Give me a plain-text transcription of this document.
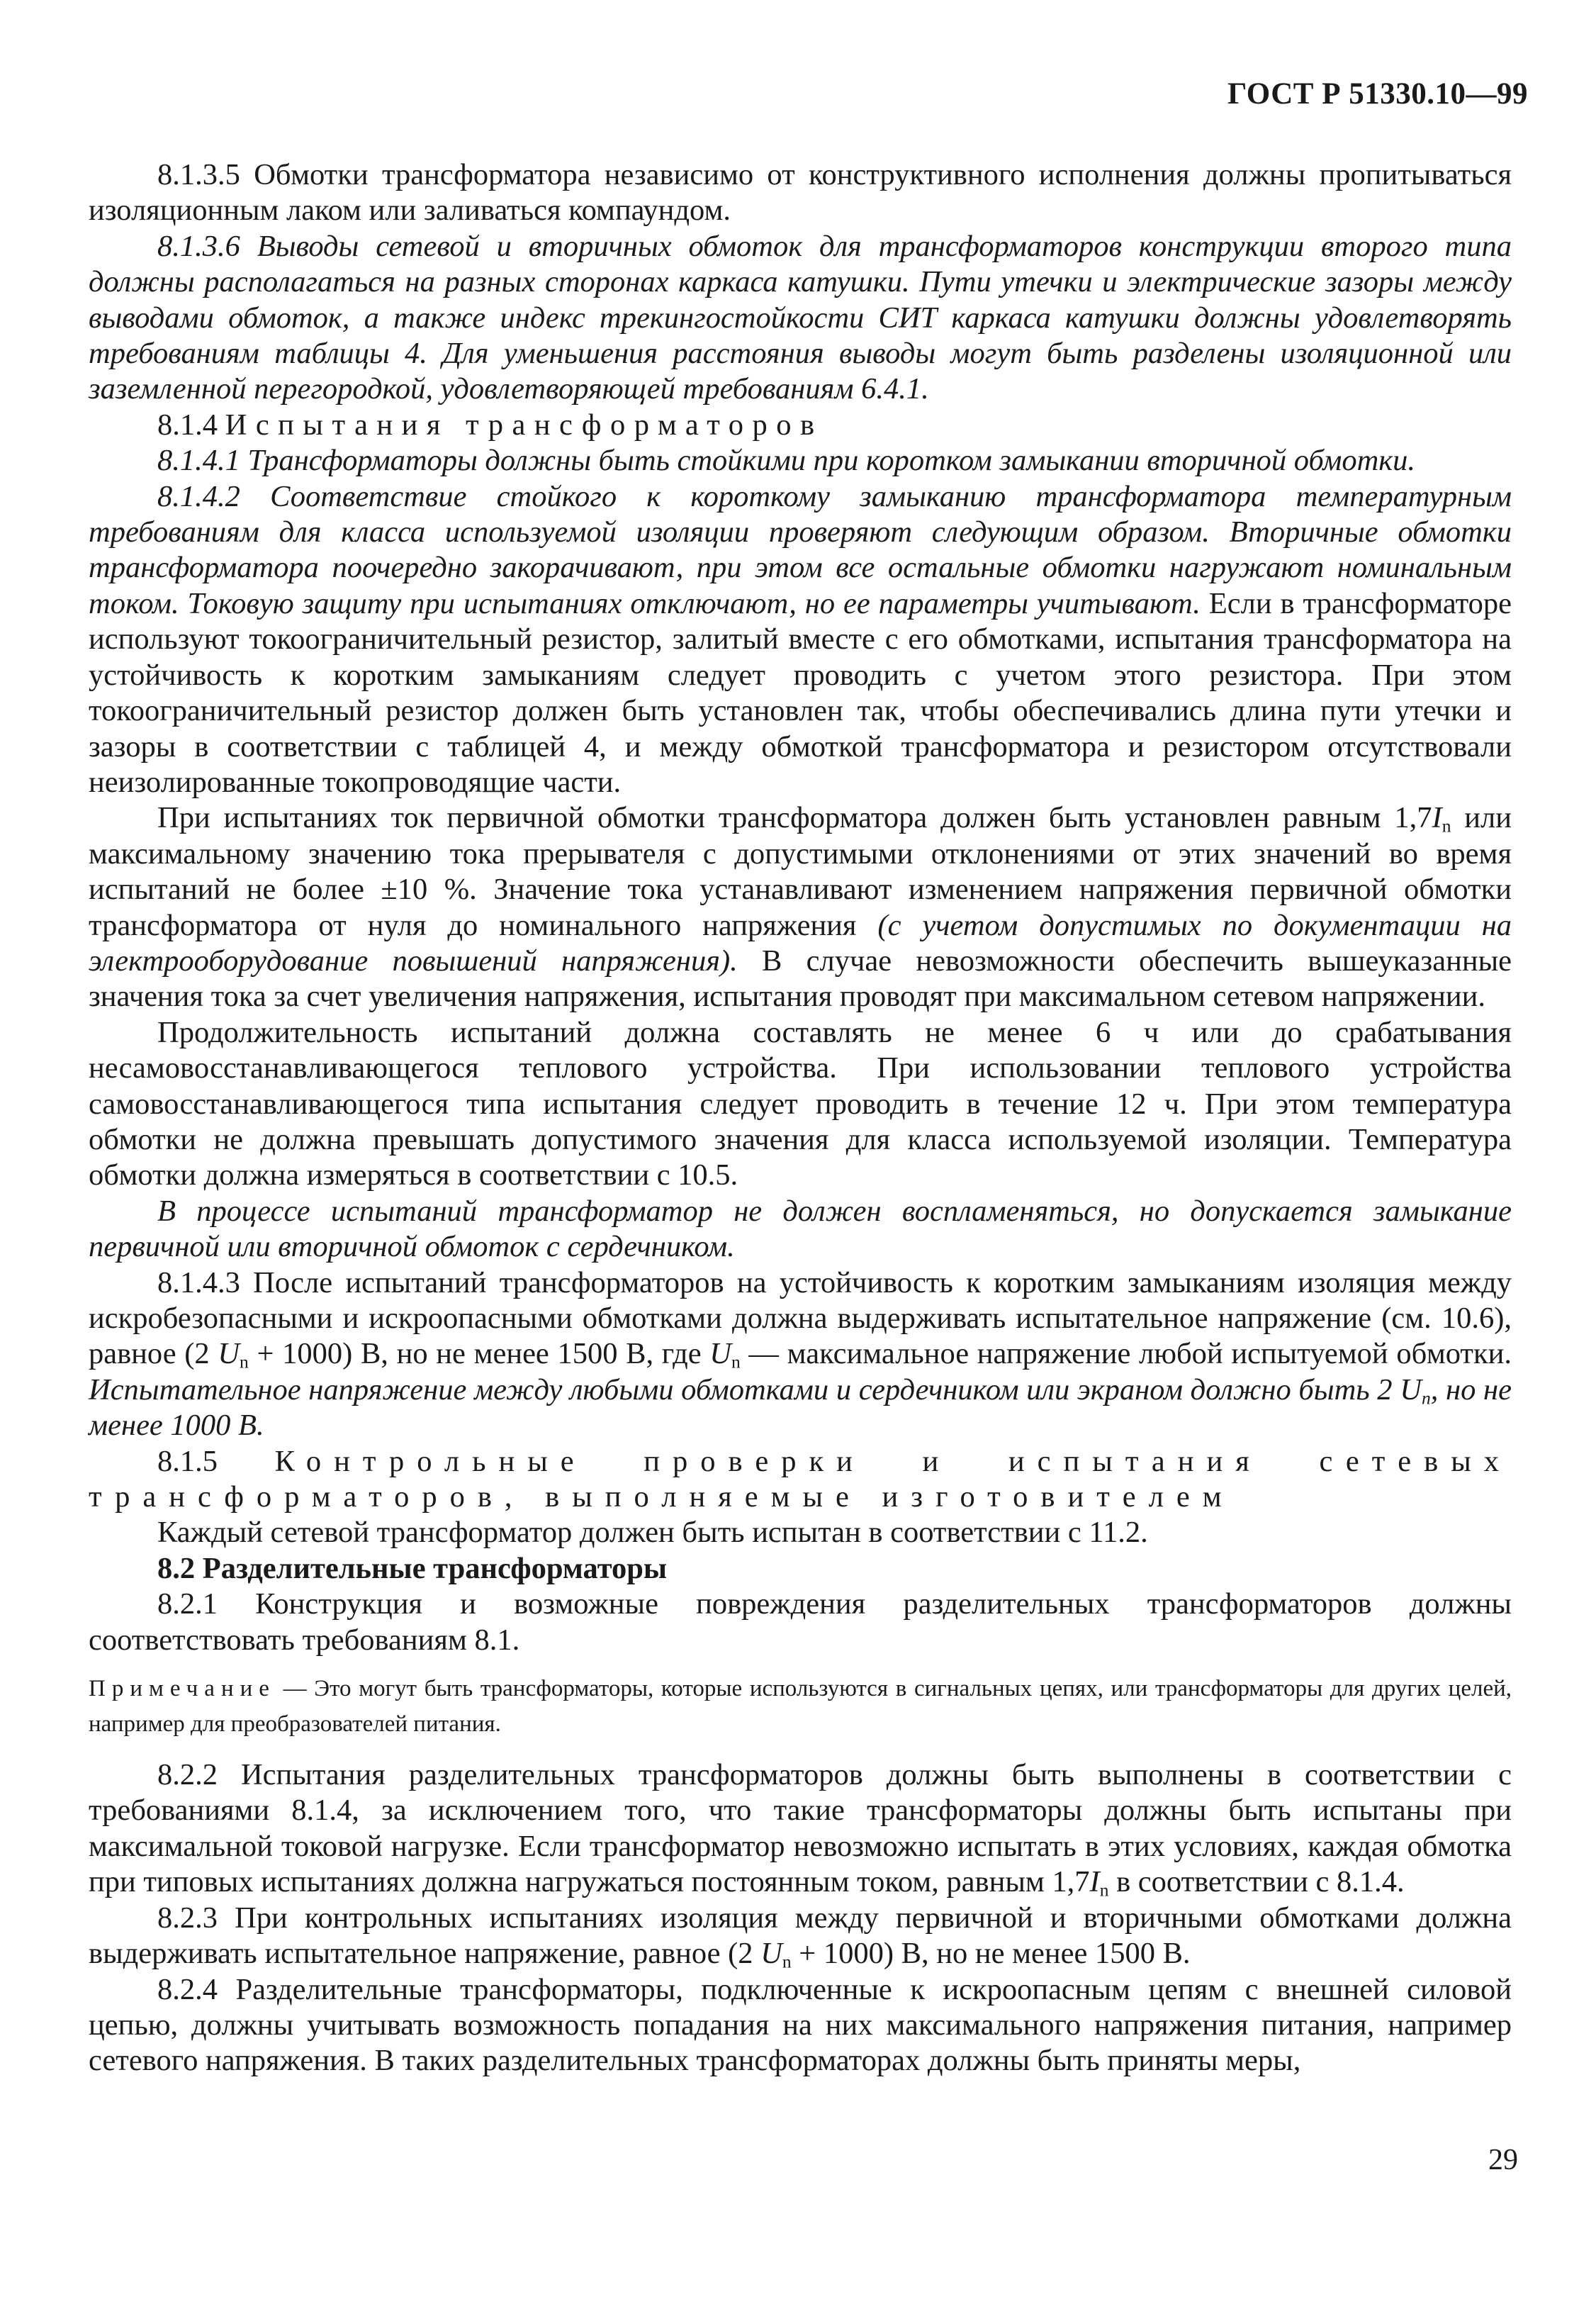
ГОСТ Р 51330.10—99

8.1.3.5 Обмотки трансформатора независимо от конструктивного исполнения должны пропитываться изоляционным лаком или заливаться компаундом.

8.1.3.6 Выводы сетевой и вторичных обмоток для трансформаторов конструкции второго типа должны располагаться на разных сторонах каркаса катушки. Пути утечки и электрические зазоры между выводами обмоток, а также индекс трекингостойкости СИТ каркаса катушки должны удовлетворять требованиям таблицы 4. Для уменьшения расстояния выводы могут быть разделены изоляционной или заземленной перегородкой, удовлетворяющей требованиям 6.4.1.

8.1.4 Испытания трансформаторов

8.1.4.1 Трансформаторы должны быть стойкими при коротком замыкании вторичной обмотки.

8.1.4.2 Соответствие стойкого к короткому замыканию трансформатора температурным требованиям для класса используемой изоляции проверяют следующим образом. Вторичные обмотки трансформатора поочередно закорачивают, при этом все остальные обмотки нагружают номинальным током. Токовую защиту при испытаниях отключают, но ее параметры учитывают. Если в трансформаторе используют токоограничительный резистор, залитый вместе с его обмотками, испытания трансформатора на устойчивость к коротким замыканиям следует проводить с учетом этого резистора. При этом токоограничительный резистор должен быть установлен так, чтобы обеспечивались длина пути утечки и зазоры в соответствии с таблицей 4, и между обмоткой трансформатора и резистором отсутствовали неизолированные токопроводящие части.

При испытаниях ток первичной обмотки трансформатора должен быть установлен равным $1,7I_n$ или максимальному значению тока прерывателя с допустимыми отклонениями от этих значений во время испытаний не более ±10 %. Значение тока устанавливают изменением напряжения первичной обмотки трансформатора от нуля до номинального напряжения (с учетом допустимых по документации на электрооборудование повышений напряжения). В случае невозможности обеспечить вышеуказанные значения тока за счет увеличения напряжения, испытания проводят при максимальном сетевом напряжении.

Продолжительность испытаний должна составлять не менее 6 ч или до срабатывания несамовосстанавливающегося теплового устройства. При использовании теплового устройства самовосстанавливающегося типа испытания следует проводить в течение 12 ч. При этом температура обмотки не должна превышать допустимого значения для класса используемой изоляции. Температура обмотки должна измеряться в соответствии с 10.5.

В процессе испытаний трансформатор не должен воспламеняться, но допускается замыкание первичной или вторичной обмоток с сердечником.

8.1.4.3 После испытаний трансформаторов на устойчивость к коротким замыканиям изоляция между искробезопасными и искроопасными обмотками должна выдерживать испытательное напряжение (см. 10.6), равное (2 $U_n + 1000$) В, но не менее 1500 В, где $U_n$ — максимальное напряжение любой испытуемой обмотки. Испытательное напряжение между любыми обмотками и сердечником или экраном должно быть 2 $U_n$, но не менее 1000 В.

8.1.5 Контрольные проверки и испытания сетевых трансформаторов, выполняемые изготовителем

Каждый сетевой трансформатор должен быть испытан в соответствии с 11.2.

8.2 Разделительные трансформаторы

8.2.1 Конструкция и возможные повреждения разделительных трансформаторов должны соответствовать требованиям 8.1.

Примечание — Это могут быть трансформаторы, которые используются в сигнальных цепях, или трансформаторы для других целей, например для преобразователей питания.

8.2.2 Испытания разделительных трансформаторов должны быть выполнены в соответствии с требованиями 8.1.4, за исключением того, что такие трансформаторы должны быть испытаны при максимальной токовой нагрузке. Если трансформатор невозможно испытать в этих условиях, каждая обмотка при типовых испытаниях должна нагружаться постоянным током, равным $1,7I_n$ в соответствии с 8.1.4.

8.2.3 При контрольных испытаниях изоляция между первичной и вторичными обмотками должна выдерживать испытательное напряжение, равное (2 $U_n + 1000$) В, но не менее 1500 В.

8.2.4 Разделительные трансформаторы, подключенные к искроопасным цепям с внешней силовой цепью, должны учитывать возможность попадания на них максимального напряжения питания, например сетевого напряжения. В таких разделительных трансформаторах должны быть приняты меры,

29
